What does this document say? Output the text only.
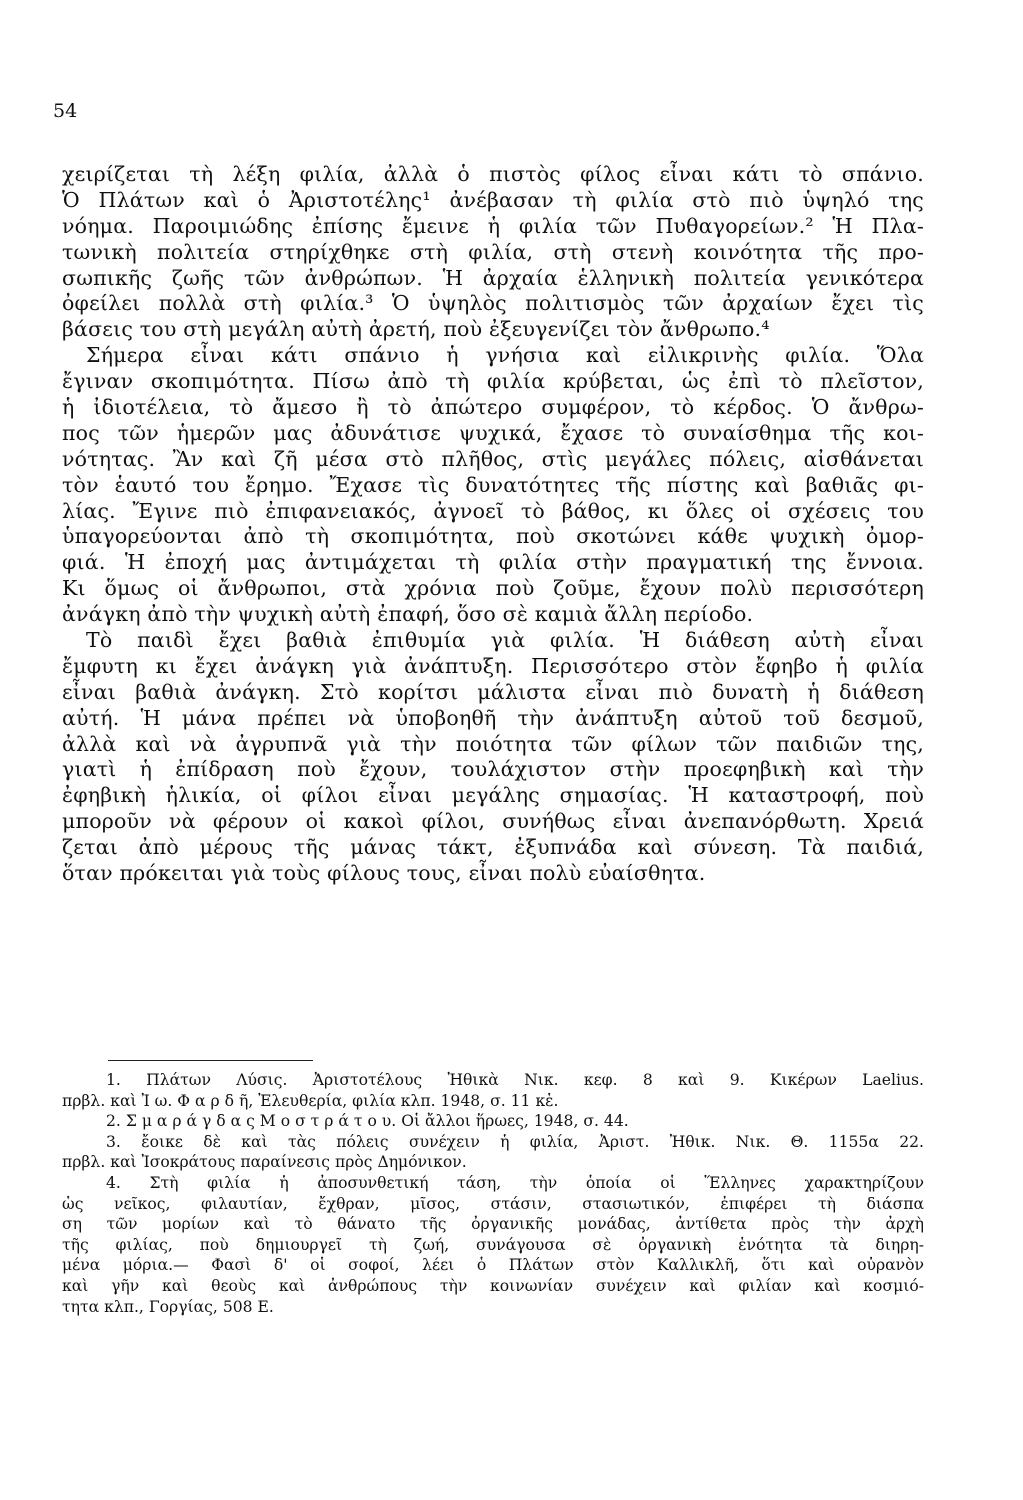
54
χειρίζεται τὴ λέξη φιλία, ἀλλὰ ὁ πιστὸς φίλος εἶναι κάτι τὸ σπάνιο.
Ὁ Πλάτων καὶ ὁ Ἀριστοτέλης¹ ἀνέβασαν τὴ φιλία στὸ πιὸ ὑψηλό της
νόημα. Παροιμιώδης ἐπίσης ἔμεινε ἡ φιλία τῶν Πυθαγορείων.² Ἡ Πλα-
τωνικὴ πολιτεία στηρίχθηκε στὴ φιλία, στὴ στενὴ κοινότητα τῆς προ-
σωπικῆς ζωῆς τῶν ἀνθρώπων. Ἡ ἀρχαία ἑλληνικὴ πολιτεία γενικότερα
ὀφείλει πολλὰ στὴ φιλία.³ Ὁ ὑψηλὸς πολιτισμὸς τῶν ἀρχαίων ἔχει τὶς
βάσεις του στὴ μεγάλη αὐτὴ ἀρετή, ποὺ ἐξευγενίζει τὸν ἄνθρωπο.⁴
Σήμερα εἶναι κάτι σπάνιο ἡ γνήσια καὶ εἰλικρινὴς φιλία. Ὅλα
ἔγιναν σκοπιμότητα. Πίσω ἀπὸ τὴ φιλία κρύβεται, ὡς ἐπὶ τὸ πλεῖστον,
ἡ ἰδιοτέλεια, τὸ ἄμεσο ἢ τὸ ἀπώτερο συμφέρον, τὸ κέρδος. Ὁ ἄνθρω-
πος τῶν ἡμερῶν μας ἀδυνάτισε ψυχικά, ἔχασε τὸ συναίσθημα τῆς κοι-
νότητας. Ἂν καὶ ζῆ μέσα στὸ πλῆθος, στὶς μεγάλες πόλεις, αἰσθάνεται
τὸν ἑαυτό του ἔρημο. Ἔχασε τὶς δυνατότητες τῆς πίστης καὶ βαθιᾶς φι-
λίας. Ἔγινε πιὸ ἐπιφανειακός, ἀγνοεῖ τὸ βάθος, κι ὅλες οἱ σχέσεις του
ὑπαγορεύονται ἀπὸ τὴ σκοπιμότητα, ποὺ σκοτώνει κάθε ψυχικὴ ὀμορ-
φιά. Ἡ ἐποχή μας ἀντιμάχεται τὴ φιλία στὴν πραγματική της ἔννοια.
Κι ὅμως οἱ ἄνθρωποι, στὰ χρόνια ποὺ ζοῦμε, ἔχουν πολὺ περισσότερη
ἀνάγκη ἀπὸ τὴν ψυχικὴ αὐτὴ ἐπαφή, ὅσο σὲ καμιὰ ἄλλη περίοδο.
Τὸ παιδὶ ἔχει βαθιὰ ἐπιθυμία γιὰ φιλία. Ἡ διάθεση αὐτὴ εἶναι
ἔμφυτη κι ἔχει ἀνάγκη γιὰ ἀνάπτυξη. Περισσότερο στὸν ἔφηβο ἡ φιλία
εἶναι βαθιὰ ἀνάγκη. Στὸ κορίτσι μάλιστα εἶναι πιὸ δυνατὴ ἡ διάθεση
αὐτή. Ἡ μάνα πρέπει νὰ ὑποβοηθῆ τὴν ἀνάπτυξη αὐτοῦ τοῦ δεσμοῦ,
ἀλλὰ καὶ νὰ ἀγρυπνᾶ γιὰ τὴν ποιότητα τῶν φίλων τῶν παιδιῶν της,
γιατὶ ἡ ἐπίδραση ποὺ ἔχουν, τουλάχιστον στὴν προεφηβικὴ καὶ τὴν
ἐφηβικὴ ἡλικία, οἱ φίλοι εἶναι μεγάλης σημασίας. Ἡ καταστροφή, ποὺ
μποροῦν νὰ φέρουν οἱ κακοὶ φίλοι, συνήθως εἶναι ἀνεπανόρθωτη. Χρειά
ζεται ἀπὸ μέρους τῆς μάνας τάκτ, ἐξυπνάδα καὶ σύνεση. Τὰ παιδιά,
ὅταν πρόκειται γιὰ τοὺς φίλους τους, εἶναι πολὺ εὐαίσθητα.
1. Πλάτων Λύσις. Ἀριστοτέλους Ἠθικὰ Νικ. κεφ. 8 καὶ 9. Κικέρων Laelius.
πρβλ. καὶ Ἰ ω. Φ α ρ δ ῆ, Ἐλευθερία, φιλία κλπ. 1948, σ. 11 κἑ.
2. Σ μ α ρ ά γ δ α ς Μ ο σ τ ρ ά τ ο υ. Οἱ ἄλλοι ἥρωες, 1948, σ. 44.
3. ἔοικε δὲ καὶ τὰς πόλεις συνέχειν ἡ φιλία, Ἀριστ. Ἠθικ. Νικ. Θ. 1155α 22.
πρβλ. καὶ Ἰσοκράτους παραίνεσις πρὸς Δημόνικον.
4. Στὴ φιλία ἡ ἀποσυνθετική τάση, τὴν ὁποία οἱ Ἕλληνες χαρακτηρίζουν
ὡς νεῖκος, φιλαυτίαν, ἔχθραν, μῖσος, στάσιν, στασιωτικόν, ἐπιφέρει τὴ διάσπα
ση τῶν μορίων καὶ τὸ θάνατο τῆς ὀργανικῆς μονάδας, ἀντίθετα πρὸς τὴν ἀρχὴ
τῆς φιλίας, ποὺ δημιουργεῖ τὴ ζωή, συνάγουσα σὲ ὀργανικὴ ἑνότητα τὰ διηρη-
μένα μόρια.— Φασὶ δ' οἱ σοφοί, λέει ὁ Πλάτων στὸν Καλλικλῆ, ὅτι καὶ οὐρανὸν
καὶ γῆν καὶ θεοὺς καὶ ἀνθρώπους τὴν κοινωνίαν συνέχειν καὶ φιλίαν καὶ κοσμιό-
τητα κλπ., Γοργίας, 508 Ε.
